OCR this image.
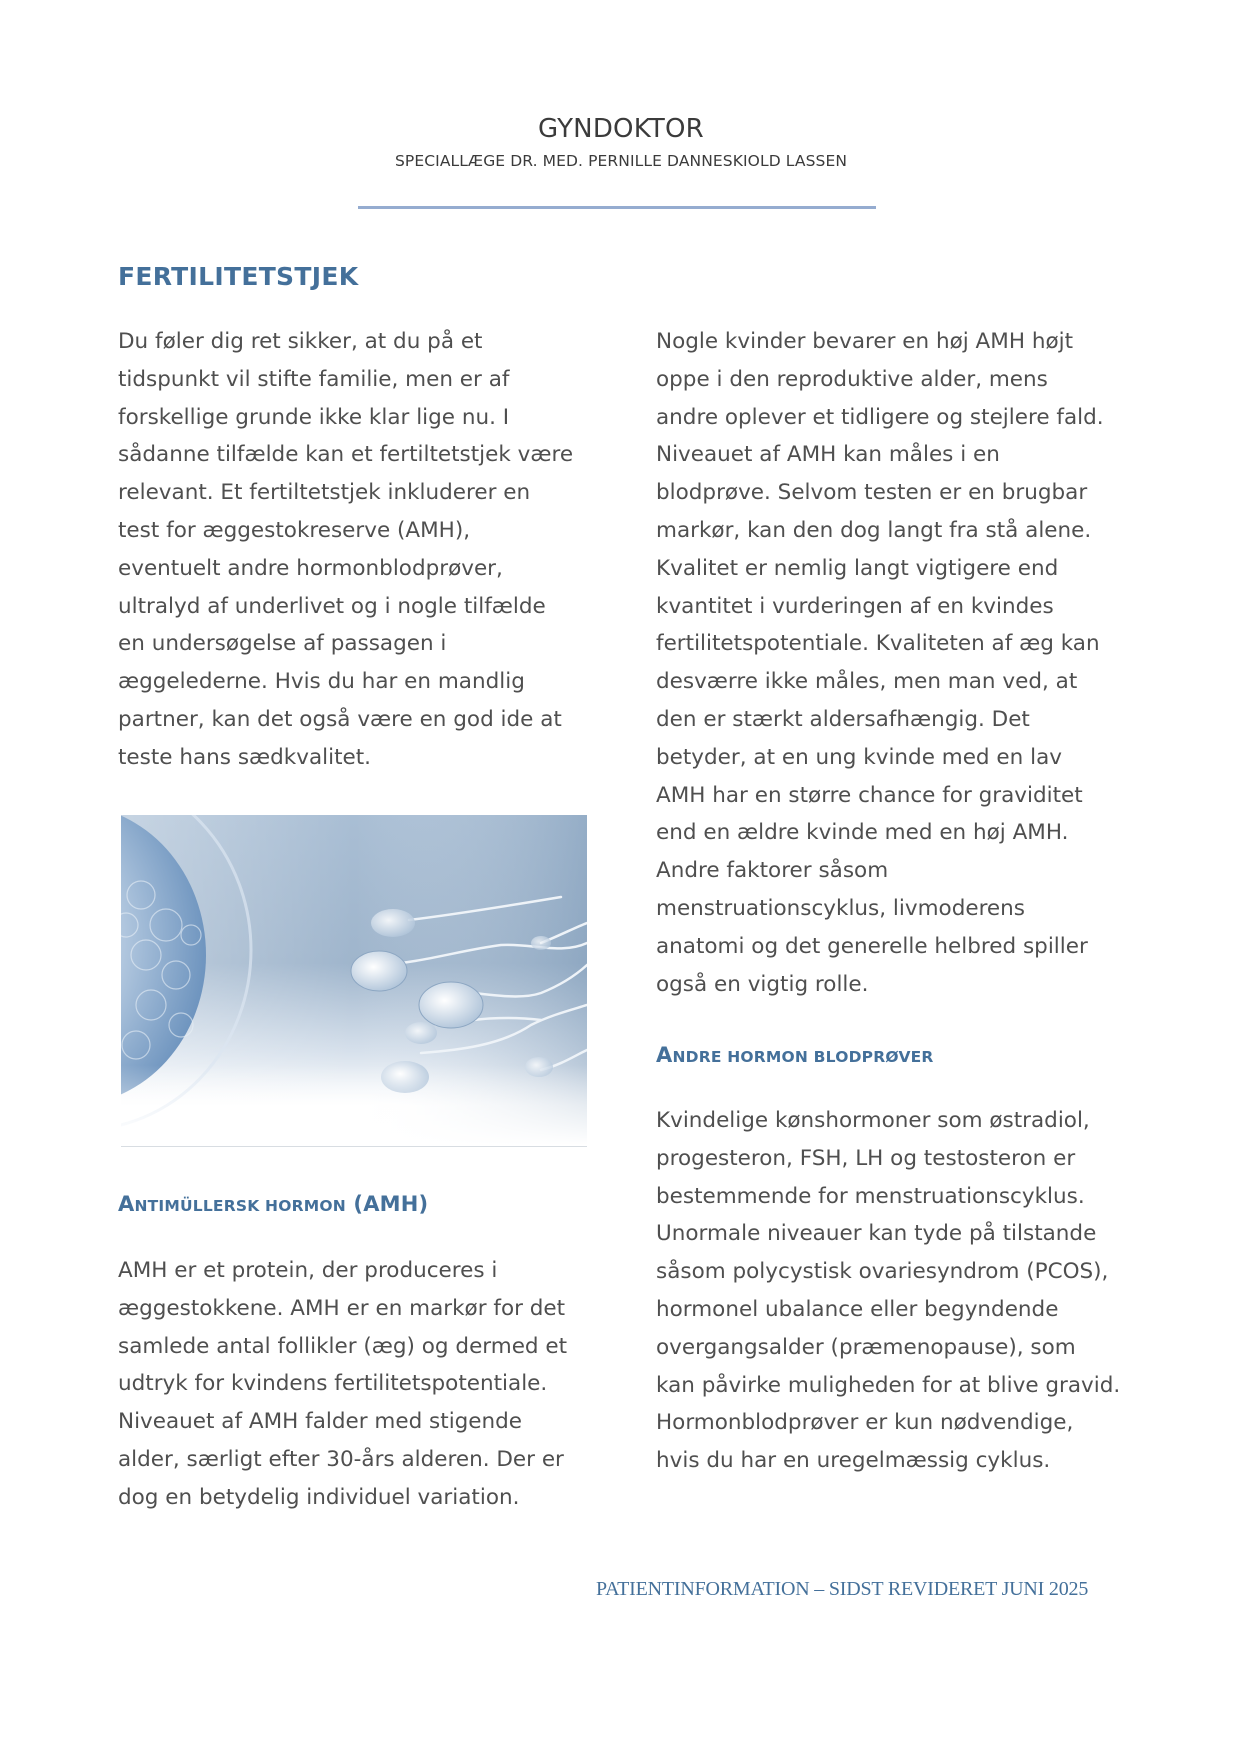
GYNDOKTOR
SPECIALLÆGE DR. MED. PERNILLE DANNESKIOLD LASSEN
FERTILITETSTJEK
Du føler dig ret sikker, at du på et
tidspunkt vil stifte familie, men er af
forskellige grunde ikke klar lige nu. I
sådanne tilfælde kan et fertiltetstjek være
relevant. Et fertiltetstjek inkluderer en
test for æggestokreserve (AMH),
eventuelt andre hormonblodprøver,
ultralyd af underlivet og i nogle tilfælde
en undersøgelse af passagen i
æggelederne. Hvis du har en mandlig
partner, kan det også være en god ide at
teste hans sædkvalitet.
ANTIMÜLLERSK HORMON (AMH)
AMH er et protein, der produceres i
æggestokkene. AMH er en markør for det
samlede antal follikler (æg) og dermed et
udtryk for kvindens fertilitetspotentiale.
Niveauet af AMH falder med stigende
alder, særligt efter 30-års alderen. Der er
dog en betydelig individuel variation.
Nogle kvinder bevarer en høj AMH højt
oppe i den reproduktive alder, mens
andre oplever et tidligere og stejlere fald.
Niveauet af AMH kan måles i en
blodprøve. Selvom testen er en brugbar
markør, kan den dog langt fra stå alene.
Kvalitet er nemlig langt vigtigere end
kvantitet i vurderingen af en kvindes
fertilitetspotentiale. Kvaliteten af æg kan
desværre ikke måles, men man ved, at
den er stærkt aldersafhængig. Det
betyder, at en ung kvinde med en lav
AMH har en større chance for graviditet
end en ældre kvinde med en høj AMH.
Andre faktorer såsom
menstruationscyklus, livmoderens
anatomi og det generelle helbred spiller
også en vigtig rolle.
ANDRE HORMON BLODPRØVER
Kvindelige kønshormoner som østradiol,
progesteron, FSH, LH og testosteron er
bestemmende for menstruationscyklus.
Unormale niveauer kan tyde på tilstande
såsom polycystisk ovariesyndrom (PCOS),
hormonel ubalance eller begyndende
overgangsalder (præmenopause), som
kan påvirke muligheden for at blive gravid.
Hormonblodprøver er kun nødvendige,
hvis du har en uregelmæssig cyklus.
PATIENTINFORMATION – SIDST REVIDERET JUNI 2025
